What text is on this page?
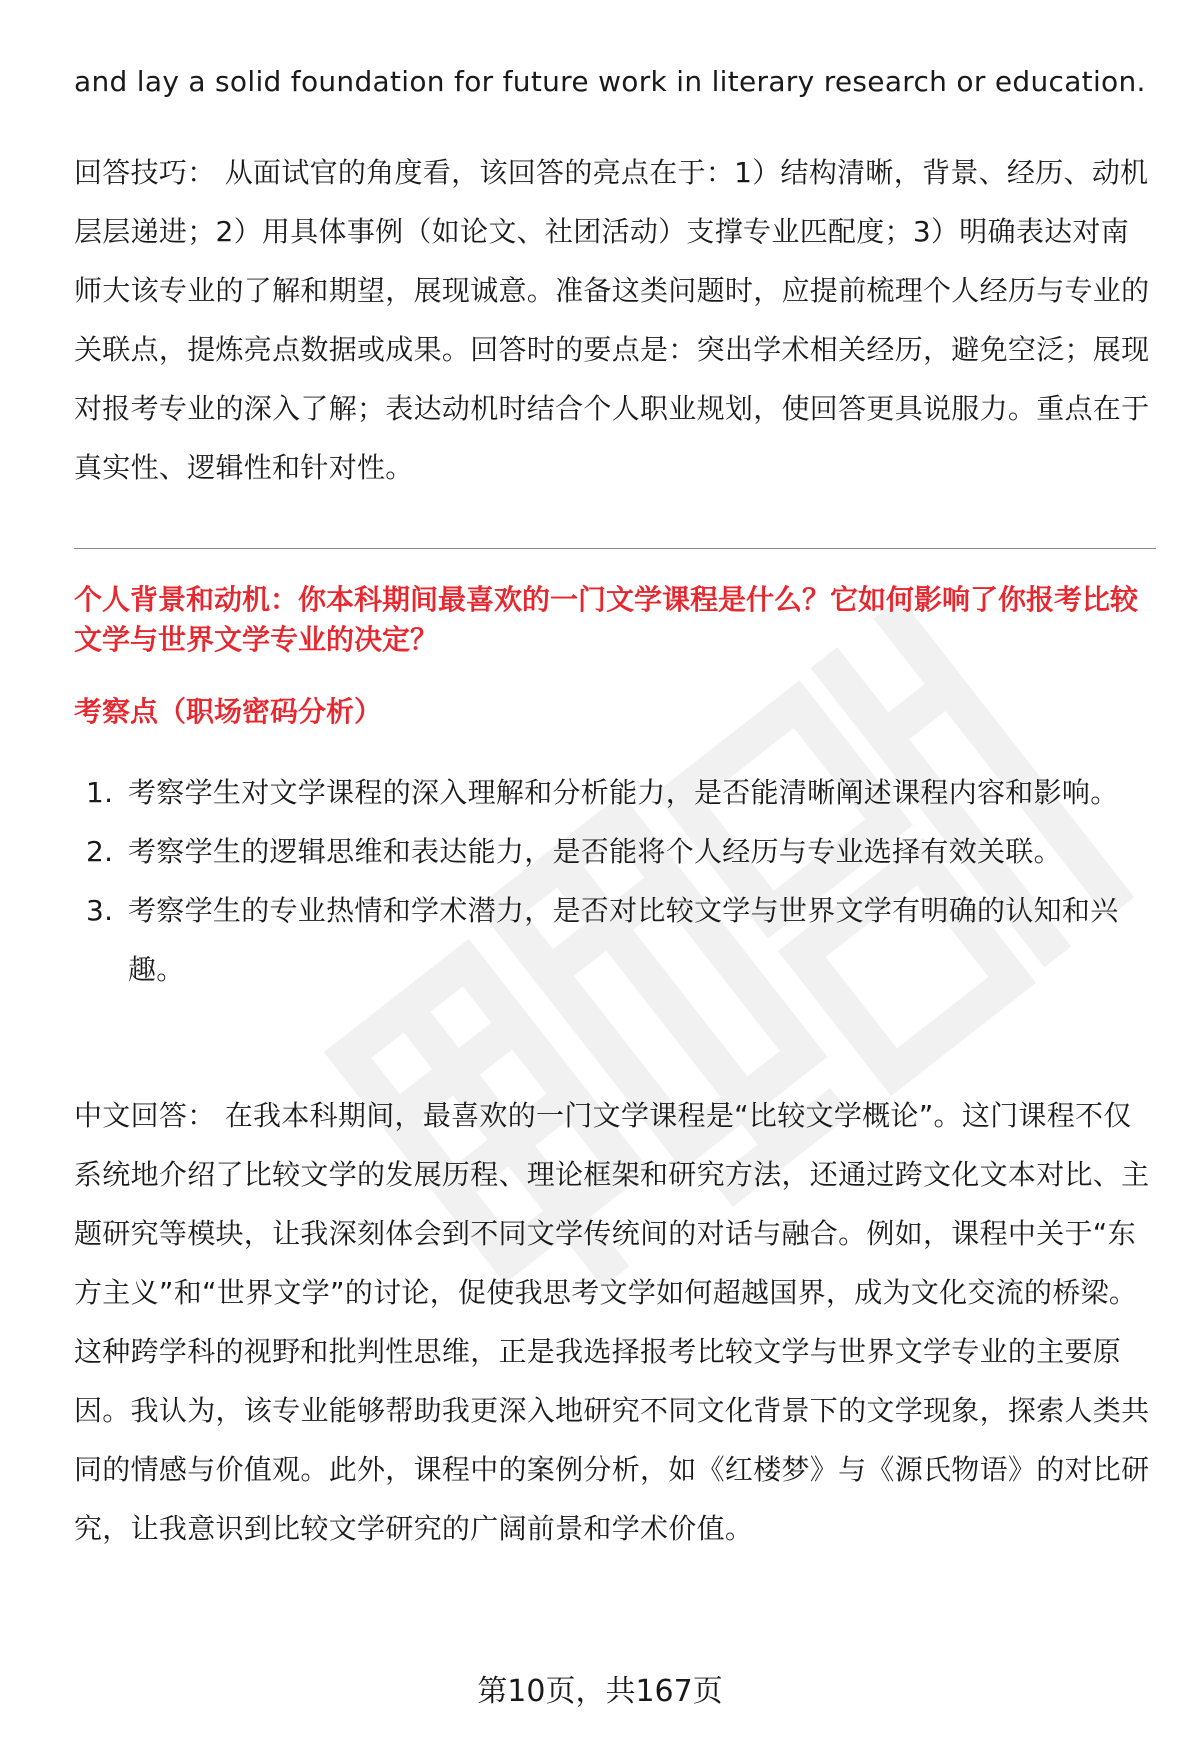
and lay a solid foundation for future work in literary research or education.

回答技巧： 从面试官的角度看，该回答的亮点在于：1）结构清晰，背景、经历、动机层层递进；2）用具体事例（如论文、社团活动）支撑专业匹配度；3）明确表达对南师大该专业的了解和期望，展现诚意。准备这类问题时，应提前梳理个人经历与专业的关联点，提炼亮点数据或成果。回答时的要点是：突出学术相关经历，避免空泛；展现对报考专业的深入了解；表达动机时结合个人职业规划，使回答更具说服力。重点在于真实性、逻辑性和针对性。

个人背景和动机：你本科期间最喜欢的一门文学课程是什么？它如何影响了你报考比较文学与世界文学专业的决定？

考察点（职场密码分析）

1. 考察学生对文学课程的深入理解和分析能力，是否能清晰阐述课程内容和影响。
2. 考察学生的逻辑思维和表达能力，是否能将个人经历与专业选择有效关联。
3. 考察学生的专业热情和学术潜力，是否对比较文学与世界文学有明确的认知和兴趣。

中文回答： 在我本科期间，最喜欢的一门文学课程是“比较文学概论”。这门课程不仅系统地介绍了比较文学的发展历程、理论框架和研究方法，还通过跨文化文本对比、主题研究等模块，让我深刻体会到不同文学传统间的对话与融合。例如，课程中关于“东方主义”和“世界文学”的讨论，促使我思考文学如何超越国界，成为文化交流的桥梁。这种跨学科的视野和批判性思维，正是我选择报考比较文学与世界文学专业的主要原因。我认为，该专业能够帮助我更深入地研究不同文化背景下的文学现象，探索人类共同的情感与价值观。此外，课程中的案例分析，如《红楼梦》与《源氏物语》的对比研究，让我意识到比较文学研究的广阔前景和学术价值。

第10页，共167页
